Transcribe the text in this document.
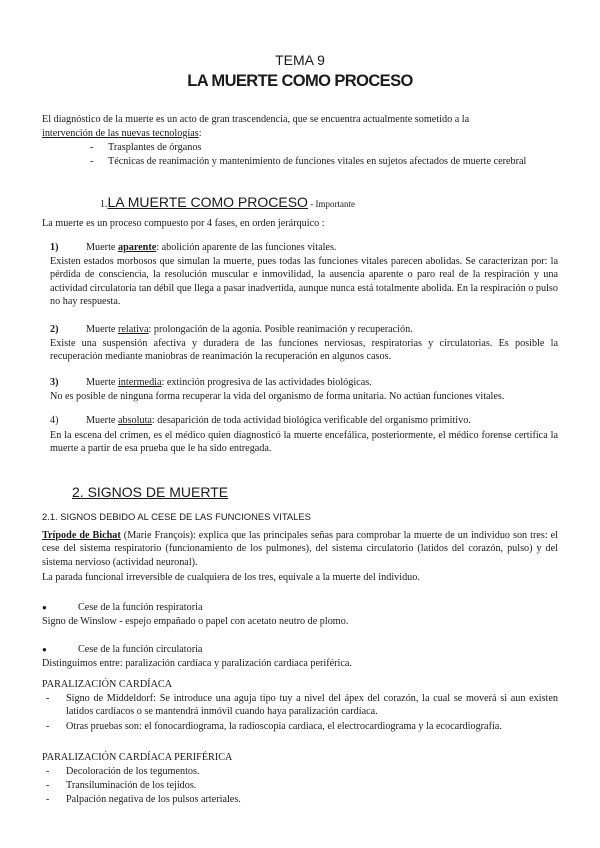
TEMA 9
LA MUERTE COMO PROCESO
El diagnóstico de la muerte es un acto de gran trascendencia, que se encuentra actualmente sometido a la
intervención de las nuevas tecnologías:
- Trasplantes de órganos
- Técnicas de reanimación y mantenimiento de funciones vitales en sujetos afectados de muerte cerebral
1.LA MUERTE COMO PROCESO - Importante
La muerte es un proceso compuesto por 4 fases, en orden jerárquico :
1)	Muerte aparente: abolición aparente de las funciones vitales.
Existen estados morbosos que simulan la muerte, pues todas las funciones vitales parecen abolidas. Se caracterizan por: la pérdida de consciencia, la resolución muscular e inmovilidad, la ausencia aparente o paro real de la respiración y una actividad circulatoria tan débil que llega a pasar inadvertida, aunque nunca está totalmente abolida. En la respiración o pulso no hay respuesta.
2)	Muerte relativa: prolongación de la agonía. Posible reanimación y recuperación.
Existe una suspensión afectiva y duradera de las funciones nerviosas, respiratorias y circulatorias. Es posible la recuperación mediante maniobras de reanimación la recuperación en algunos casos.
3)	Muerte intermedia: extinción progresiva de las actividades biológicas.
No es posible de ninguna forma recuperar la vida del organismo de forma unitaria. No actúan funciones vitales.
4)	Muerte absoluta: desaparición de toda actividad biológica verificable del organismo primitivo.
En la escena del crimen, es el médico quien diagnosticó la muerte encefálica, posteriormente, el médico forense certifica la muerte a partir de esa prueba que le ha sido entregada.
2. SIGNOS DE MUERTE
2.1. SIGNOS DEBIDO AL CESE DE LAS FUNCIONES VITALES
Trípode de Bichat (Marie François): explica que las principales señas para comprobar la muerte de un individuo son tres: el cese del sistema respiratorio (funcionamiento de los pulmones), del sistema circulatorio (latidos del corazón, pulso) y del sistema nervioso (actividad neuronal).
La parada funcional irreversible de cualquiera de los tres, equivale a la muerte del individuo.
●	Cese de la función respiratoria
Signo de Winslow - espejo empañado o papel con acetato neutro de plomo.
●	Cese de la función circulatoria
Distinguimos entre: paralización cardíaca y paralización cardíaca periférica.
PARALIZACIÓN CARDÍACA
- Signo de Middeldorf: Se introduce una aguja tipo tuy a nivel del ápex del corazón, la cual se moverá si aun existen latidos cardíacos o se mantendrá inmóvil cuando haya paralización cardíaca.
- Otras pruebas son: el fonocardiograma, la radioscopia cardiaca, el electrocardiograma y la ecocardiografía.
PARALIZACIÓN CARDÍACA PERIFÉRICA
- Decoloración de los tegumentos.
- Transiluminación de los tejidos.
- Palpación negativa de los pulsos arteriales.
